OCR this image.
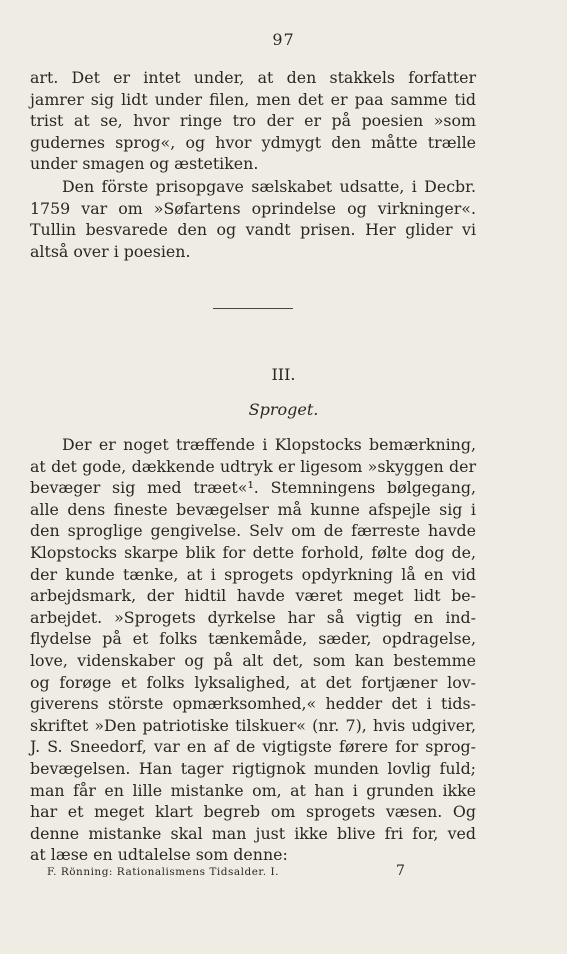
97
art. Det er intet under, at den stakkels forfatter
jamrer sig lidt under filen, men det er paa samme tid
trist at se, hvor ringe tro der er på poesien »som
gudernes sprog«, og hvor ydmygt den måtte trælle
under smagen og æstetiken.
Den förste prisopgave sælskabet udsatte, i Decbr.
1759 var om »Søfartens oprindelse og virkninger«.
Tullin besvarede den og vandt prisen. Her glider vi
altså over i poesien.
III.
Sproget.
Der er noget træffende i Klopstocks bemærkning,
at det gode, dækkende udtryk er ligesom »skyggen der
bevæger sig med træet«¹. Stemningens bølgegang,
alle dens fineste bevægelser må kunne afspejle sig i
den sproglige gengivelse. Selv om de færreste havde
Klopstocks skarpe blik for dette forhold, følte dog de,
der kunde tænke, at i sprogets opdyrkning lå en vid
arbejdsmark, der hidtil havde været meget lidt be-
arbejdet. »Sprogets dyrkelse har så vigtig en ind-
flydelse på et folks tænkemåde, sæder, opdragelse,
love, videnskaber og på alt det, som kan bestemme
og forøge et folks lyksalighed, at det fortjæner lov-
giverens störste opmærksomhed,« hedder det i tids-
skriftet »Den patriotiske tilskuer« (nr. 7), hvis udgiver,
J. S. Sneedorf, var en af de vigtigste førere for sprog-
bevægelsen. Han tager rigtignok munden lovlig fuld;
man får en lille mistanke om, at han i grunden ikke
har et meget klart begreb om sprogets væsen. Og
denne mistanke skal man just ikke blive fri for, ved
at læse en udtalelse som denne:
F. Rönning: Rationalismens Tidsalder. I.	7
